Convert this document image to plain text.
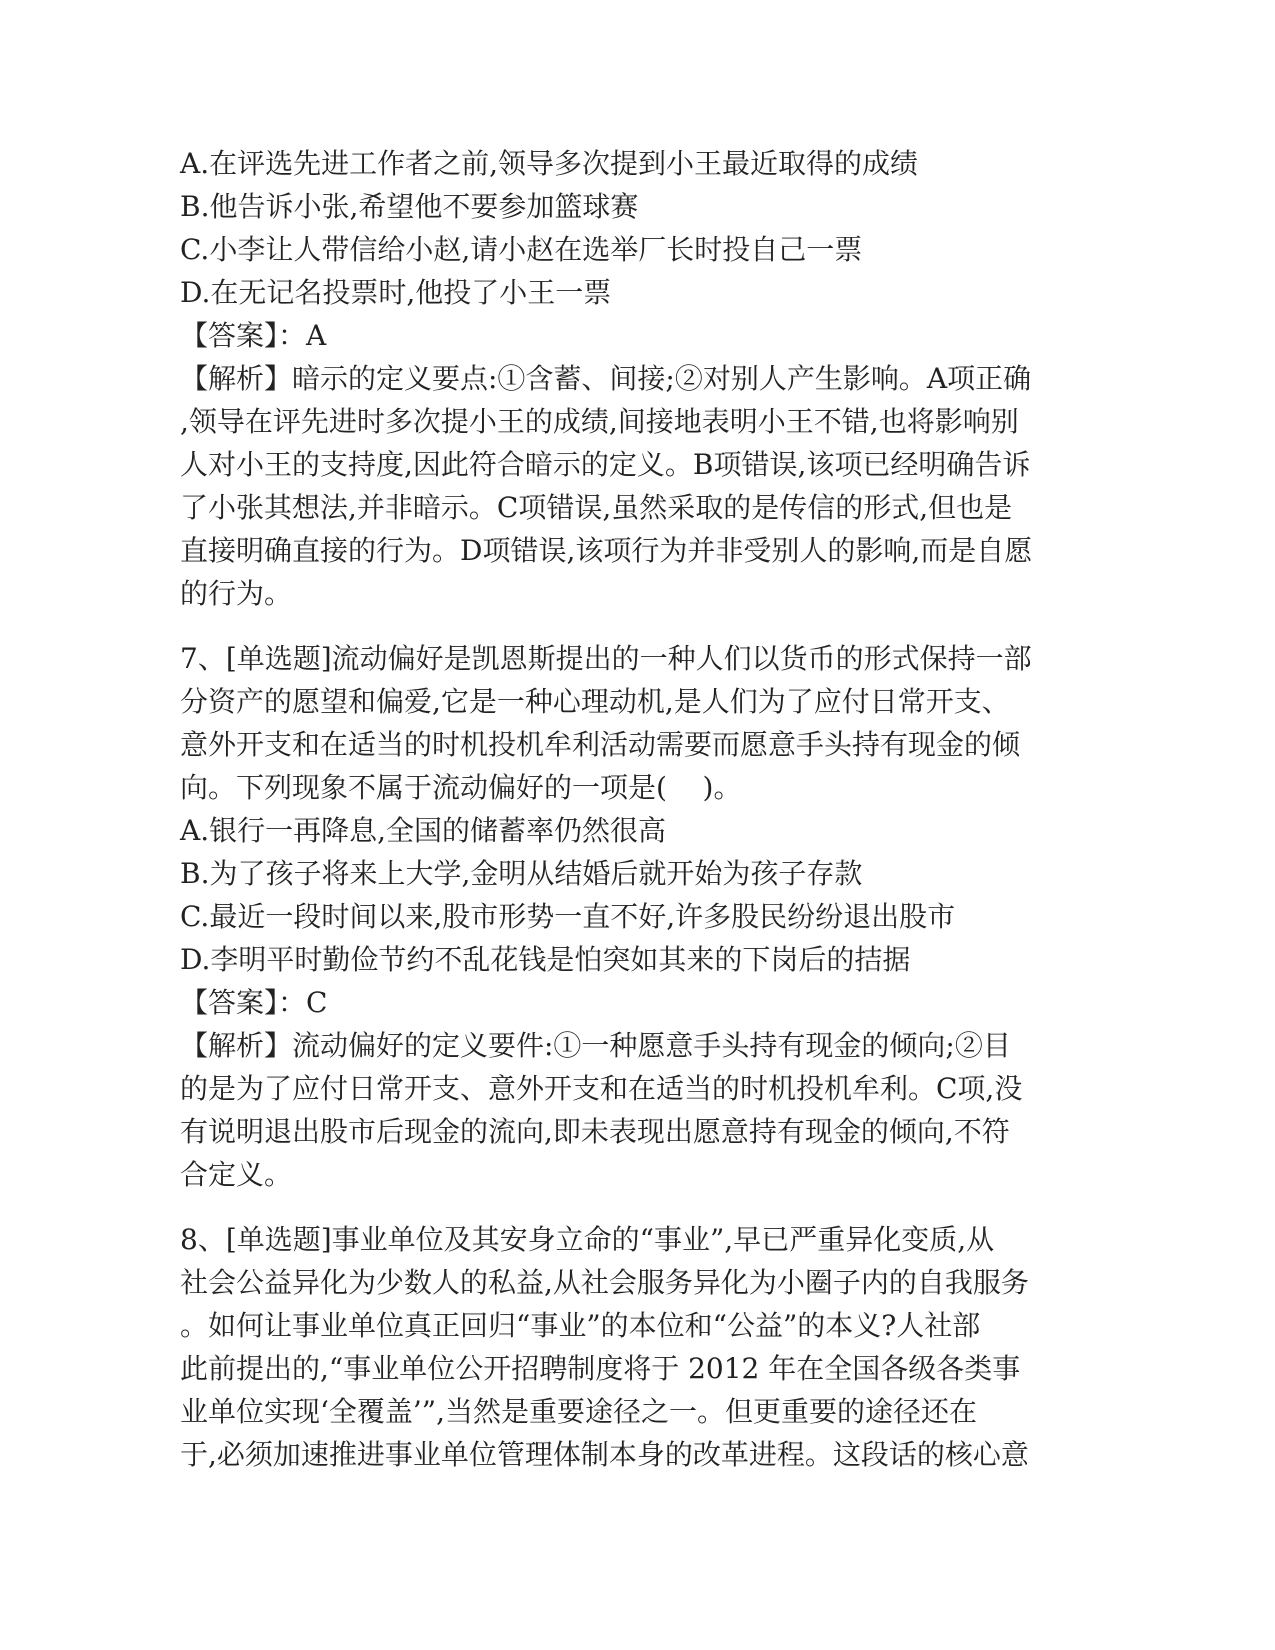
A.在评选先进工作者之前,领导多次提到小王最近取得的成绩
B.他告诉小张,希望他不要参加篮球赛
C.小李让人带信给小赵,请小赵在选举厂长时投自己一票
D.在无记名投票时,他投了小王一票
【答案】：A
【解析】暗示的定义要点:①含蓄、间接;②对别人产生影响。A项正确
,领导在评先进时多次提小王的成绩,间接地表明小王不错,也将影响别
人对小王的支持度,因此符合暗示的定义。B项错误,该项已经明确告诉
了小张其想法,并非暗示。C项错误,虽然采取的是传信的形式,但也是
直接明确直接的行为。D项错误,该项行为并非受别人的影响,而是自愿
的行为。
7、[单选题]流动偏好是凯恩斯提出的一种人们以货币的形式保持一部
分资产的愿望和偏爱,它是一种心理动机,是人们为了应付日常开支、
意外开支和在适当的时机投机牟利活动需要而愿意手头持有现金的倾
向。下列现象不属于流动偏好的一项是(    )。
A.银行一再降息,全国的储蓄率仍然很高
B.为了孩子将来上大学,金明从结婚后就开始为孩子存款
C.最近一段时间以来,股市形势一直不好,许多股民纷纷退出股市
D.李明平时勤俭节约不乱花钱是怕突如其来的下岗后的拮据
【答案】：C
【解析】流动偏好的定义要件:①一种愿意手头持有现金的倾向;②目
的是为了应付日常开支、意外开支和在适当的时机投机牟利。C项,没
有说明退出股市后现金的流向,即未表现出愿意持有现金的倾向,不符
合定义。
8、[单选题]事业单位及其安身立命的“事业”,早已严重异化变质,从
社会公益异化为少数人的私益,从社会服务异化为小圈子内的自我服务
。如何让事业单位真正回归“事业”的本位和“公益”的本义?人社部
此前提出的,“事业单位公开招聘制度将于 2012 年在全国各级各类事
业单位实现‘全覆盖’”,当然是重要途径之一。但更重要的途径还在
于,必须加速推进事业单位管理体制本身的改革进程。这段话的核心意
